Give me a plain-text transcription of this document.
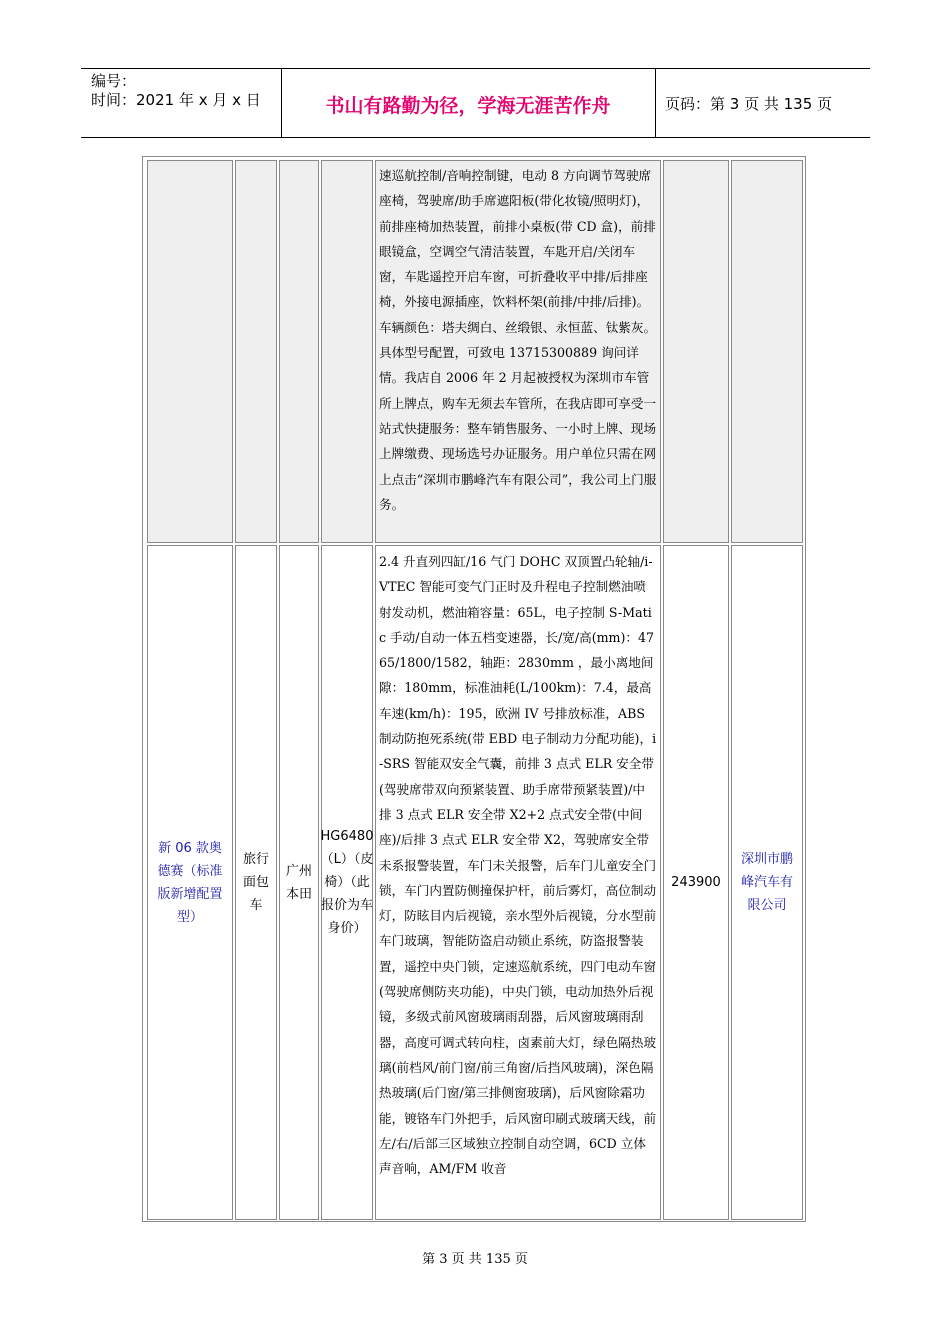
编号：
时间：2021 年 x 月 x 日	书山有路勤为径，学海无涯苦作舟	页码：第 3 页 共 135 页
速巡航控制/音响控制键，电动 8 方向调节驾驶席座椅，驾驶席/助手席遮阳板(带化妆镜/照明灯)，前排座椅加热装置，前排小桌板(带 CD 盒)，前排眼镜盒，空调空气清洁装置，车匙开启/关闭车窗，车匙遥控开启车窗，可折叠收平中排/后排座椅，外接电源插座，饮料杯架(前排/中排/后排)。车辆颜色：塔夫绸白、丝缎银、永恒蓝、钛紫灰。具体型号配置，可致电 13715300889 询问详情。我店自 2006 年 2 月起被授权为深圳市车管所上牌点，购车无须去车管所，在我店即可享受一站式快捷服务：整车销售服务、一小时上牌、现场上牌缴费、现场选号办证服务。用户单位只需在网上点击“深圳市鹏峰汽车有限公司”，我公司上门服务。
新 06 款奥德赛（标准版新增配置型）
旅行面包车
广州本田
HG6480（L）（皮椅）（此报价为车身价）
2.4 升直列四缸/16 气门 DOHC 双顶置凸轮轴/i-VTEC 智能可变气门正时及升程电子控制燃油喷射发动机，燃油箱容量：65L，电子控制 S-Matic 手动/自动一体五档变速器，长/宽/高(mm)：4765/1800/1582，轴距：2830mm ，最小离地间隙：180mm，标准油耗(L/100km)：7.4，最高车速(km/h)：195，欧洲 IV 号排放标准，ABS 制动防抱死系统(带 EBD 电子制动力分配功能)，i-SRS 智能双安全气囊，前排 3 点式 ELR 安全带(驾驶席带双向预紧装置、助手席带预紧装置)/中排 3 点式 ELR 安全带 X2+2 点式安全带(中间座)/后排 3 点式 ELR 安全带 X2，驾驶席安全带未系报警装置，车门未关报警，后车门儿童安全门锁，车门内置防侧撞保护杆，前后雾灯，高位制动灯，防眩目内后视镜，亲水型外后视镜，分水型前车门玻璃，智能防盗启动锁止系统，防盗报警装置，遥控中央门锁，定速巡航系统，四门电动车窗(驾驶席侧防夹功能)，中央门锁，电动加热外后视镜，多级式前风窗玻璃雨刮器，后风窗玻璃雨刮器，高度可调式转向柱，卤素前大灯，绿色隔热玻璃(前档风/前门窗/前三角窗/后挡风玻璃)，深色隔热玻璃(后门窗/第三排侧窗玻璃)，后风窗除霜功能，镀铬车门外把手，后风窗印刷式玻璃天线，前左/右/后部三区域独立控制自动空调，6CD 立体声音响，AM/FM 收音
243900
深圳市鹏峰汽车有限公司
第 3 页 共 135 页
